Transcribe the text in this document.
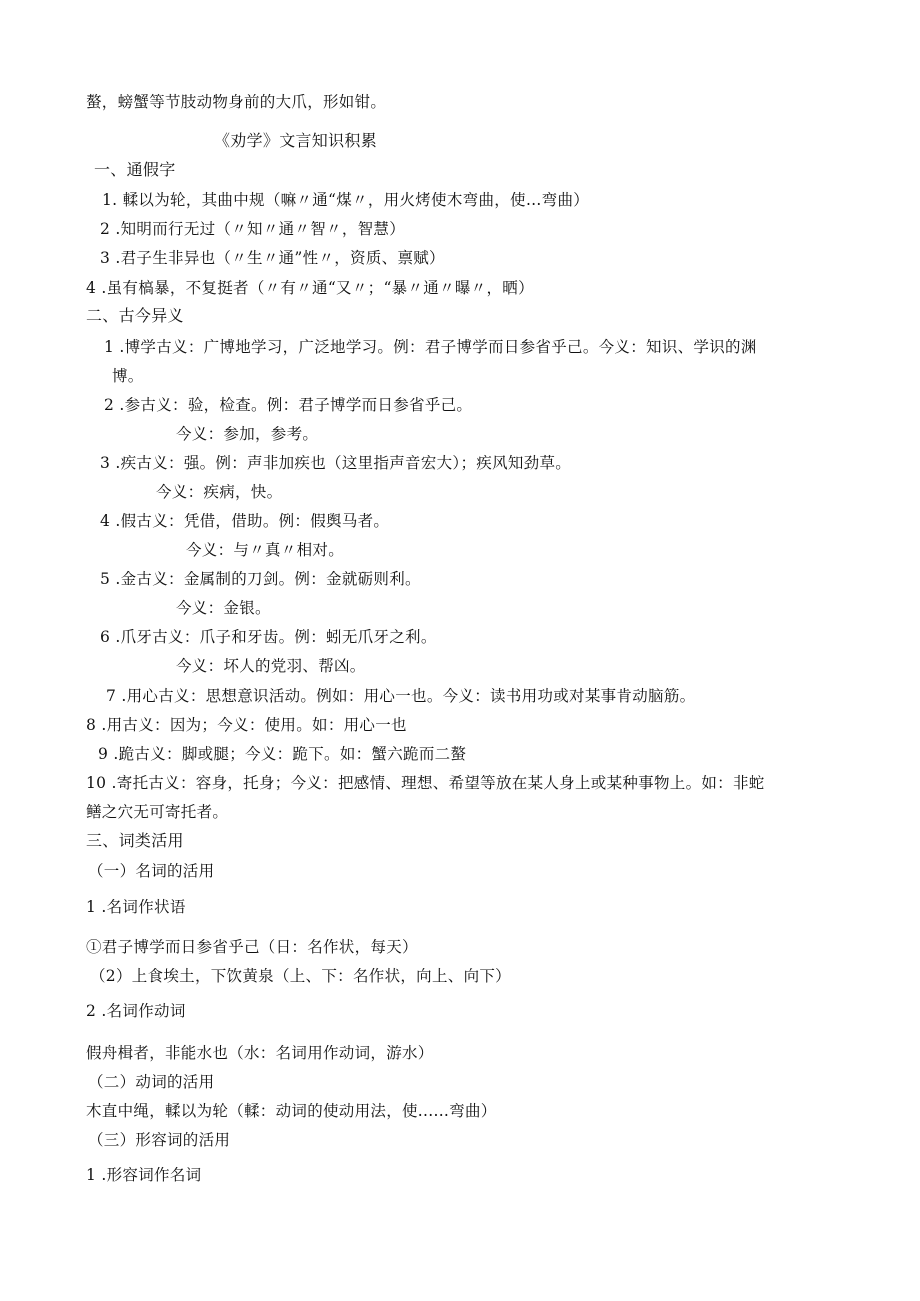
螯，螃蟹等节肢动物身前的大爪，形如钳。
《劝学》文言知识积累
一、通假字
1. 輮以为轮，其曲中规（嘛〃通“煤〃，用火烤使木弯曲，使…弯曲）
2 .知明而行无过（〃知〃通〃智〃，智慧）
3 .君子生非异也（〃生〃通”性〃，资质、禀赋）
4 .虽有槁暴，不复挺者（〃有〃通“又〃；“暴〃通〃曝〃，晒）
二、古今异义
1 .博学古义：广博地学习，广泛地学习。例：君子博学而日参省乎己。今义：知识、学识的渊
博。
2 .参古义：验，检查。例：君子博学而日参省乎己。
今义：参加，参考。
3 .疾古义：强。例：声非加疾也（这里指声音宏大）；疾风知劲草。
今义：疾病，快。
4 .假古义：凭借，借助。例：假舆马者。
今义：与〃真〃相对。
5 .金古义：金属制的刀剑。例：金就砺则利。
今义：金银。
6 .爪牙古义：爪子和牙齿。例：蚓无爪牙之利。
今义：坏人的党羽、帮凶。
7 .用心古义：思想意识活动。例如：用心一也。今义：读书用功或对某事肯动脑筋。
8 .用古义：因为；今义：使用。如：用心一也
9 .跪古义：脚或腿；今义：跪下。如：蟹六跪而二螯
10 .寄托古义：容身，托身；今义：把感情、理想、希望等放在某人身上或某种事物上。如：非蛇
鳝之穴无可寄托者。
三、词类活用
（一）名词的活用
1 .名词作状语
①君子博学而日参省乎己（日：名作状，每天）
（2）上食埃土，下饮黄泉（上、下：名作状，向上、向下）
2 .名词作动词
假舟楫者，非能水也（水：名词用作动词，游水）
（二）动词的活用
木直中绳，輮以为轮（輮：动词的使动用法，使......弯曲）
（三）形容词的活用
1 .形容词作名词
